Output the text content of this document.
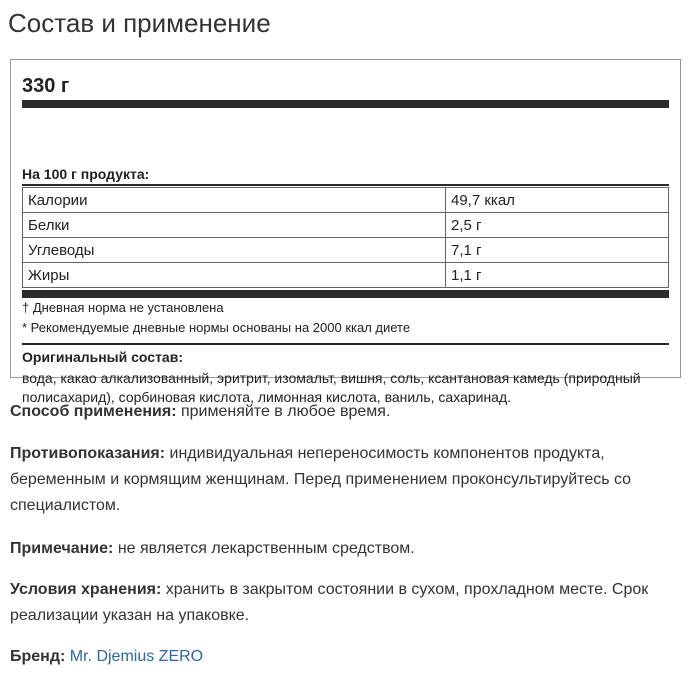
Состав и применение
330 г
На 100 г продукта:
Калории	49,7 ккал
Белки	2,5 г
Углеводы	7,1 г
Жиры	1,1 г
† Дневная норма не установлена
* Рекомендуемые дневные нормы основаны на 2000 ккал диете
Оригинальный состав:
вода, какао алкализованный, эритрит, изомальт, вишня, соль, ксантановая камедь (природный полисахарид), сорбиновая кислота, лимонная кислота, ваниль, сахаринад.
Способ применения: применяйте в любое время.
Противопоказания: индивидуальная непереносимость компонентов продукта, беременным и кормящим женщинам. Перед применением проконсультируйтесь со специалистом.
Примечание: не является лекарственным средством.
Условия хранения: хранить в закрытом состоянии в сухом, прохладном месте. Срок реализации указан на упаковке.
Бренд: Mr. Djemius ZERO
